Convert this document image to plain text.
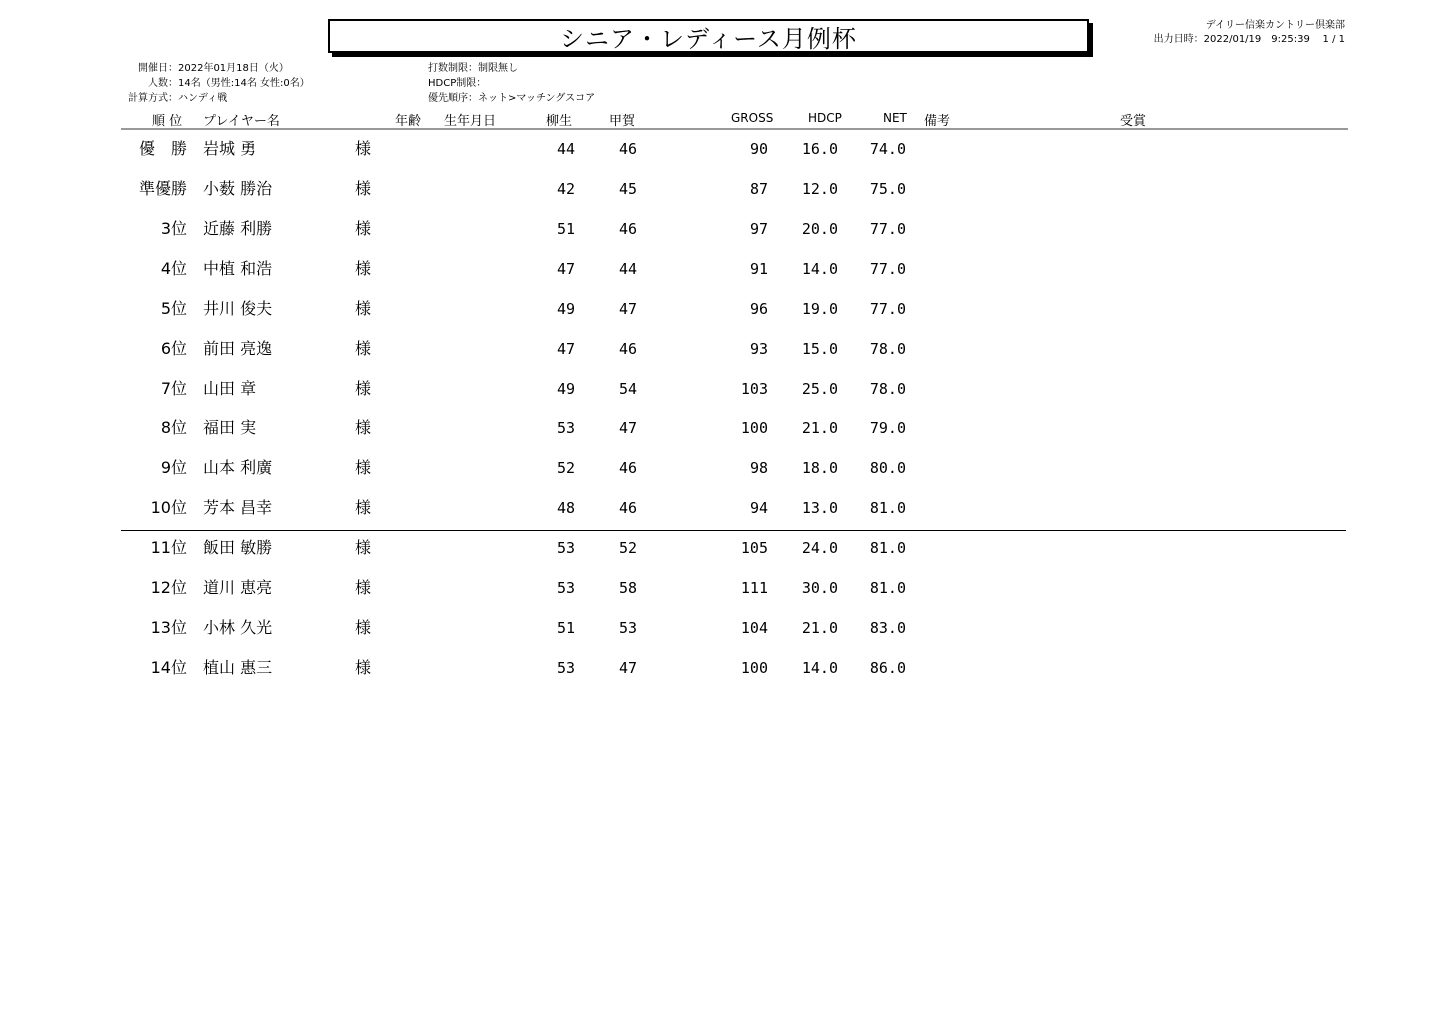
シニア・レディース月例杯	デイリー信楽カントリー倶楽部
出力日時：2022/01/19　9:25:39 1 / 1
開催日：2022年01月18日（火）
人数：14名（男性:14名 女性:0名）
計算方式：ハンディ戦
打数制限：制限無し
HDCP制限：
優先順序：ネット>マッチングスコア
順 位 プレイヤー名	年齢 生年月日	柳生	甲賀	GROSS	HDCP	NET 備考	受賞
優　勝 岩城 勇	様	44	46	90	16.0	74.0
準優勝 小薮 勝治	様	42	45	87	12.0	75.0
3位 近藤 利勝	様	51	46	97	20.0	77.0
4位 中植 和浩	様	47	44	91	14.0	77.0
5位 井川 俊夫	様	49	47	96	19.0	77.0
6位 前田 亮逸	様	47	46	93	15.0	78.0
7位 山田 章	様	49	54	103	25.0	78.0
8位 福田 実	様	53	47	100	21.0	79.0
9位 山本 利廣	様	52	46	98	18.0	80.0
10位 芳本 昌幸	様	48	46	94	13.0	81.0
11位 飯田 敏勝	様	53	52	105	24.0	81.0
12位 道川 恵亮	様	53	58	111	30.0	81.0
13位 小林 久光	様	51	53	104	21.0	83.0
14位 植山 惠三	様	53	47	100	14.0	86.0
